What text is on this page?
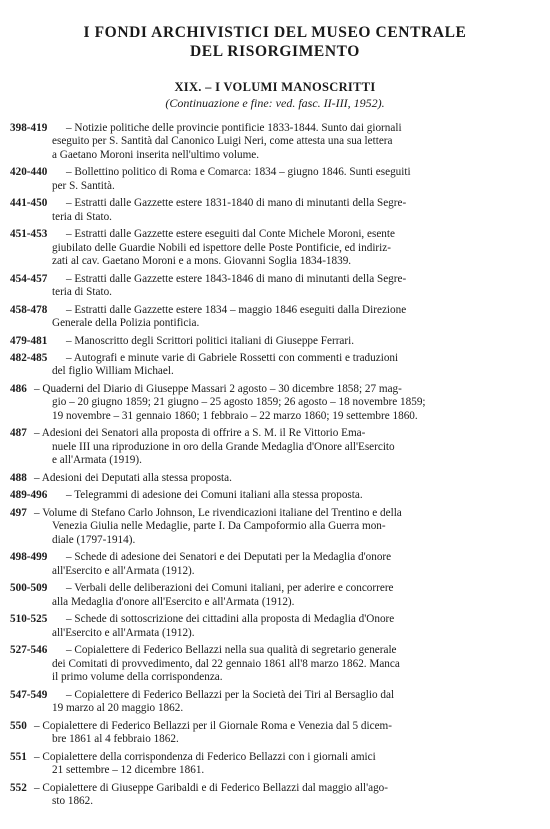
I FONDI ARCHIVISTICI DEL MUSEO CENTRALE
DEL RISORGIMENTO
XIX. – I VOLUMI MANOSCRITTI
(Continuazione e fine: ved. fasc. II-III, 1952).
398-419	– Notizie politiche delle provincie pontificie 1833-1844. Sunto dai giornali
eseguito per S. Santità dal Canonico Luigi Neri, come attesta una sua lettera
a Gaetano Moroni inserita nell'ultimo volume.
420-440	– Bollettino politico di Roma e Comarca: 1834 – giugno 1846. Sunti eseguiti
per S. Santità.
441-450	– Estratti dalle Gazzette estere 1831-1840 di mano di minutanti della Segre-
teria di Stato.
451-453	– Estratti dalle Gazzette estere eseguiti dal Conte Michele Moroni, esente
giubilato delle Guardie Nobili ed ispettore delle Poste Pontificie, ed indiriz-
zati al cav. Gaetano Moroni e a mons. Giovanni Soglia 1834-1839.
454-457	– Estratti dalle Gazzette estere 1843-1846 di mano di minutanti della Segre-
teria di Stato.
458-478	– Estratti dalle Gazzette estere 1834 – maggio 1846 eseguiti dalla Direzione
Generale della Polizia pontificia.
479-481	– Manoscritto degli Scrittori politici italiani di Giuseppe Ferrari.
482-485	– Autografi e minute varie di Gabriele Rossetti con commenti e traduzioni
del figlio William Michael.
486 – Quaderni del Diario di Giuseppe Massari 2 agosto – 30 dicembre 1858; 27 mag-
gio – 20 giugno 1859; 21 giugno – 25 agosto 1859; 26 agosto – 18 novembre 1859;
19 novembre – 31 gennaio 1860; 1 febbraio – 22 marzo 1860; 19 settembre 1860.
487 – Adesioni dei Senatori alla proposta di offrire a S. M. il Re Vittorio Ema-
nuele III una riproduzione in oro della Grande Medaglia d'Onore all'Esercito
e all'Armata (1919).
488 – Adesioni dei Deputati alla stessa proposta.
489-496	– Telegrammi di adesione dei Comuni italiani alla stessa proposta.
497 – Volume di Stefano Carlo Johnson, Le rivendicazioni italiane del Trentino e della
Venezia Giulia nelle Medaglie, parte I. Da Campoformio alla Guerra mon-
diale (1797-1914).
498-499	– Schede di adesione dei Senatori e dei Deputati per la Medaglia d'onore
all'Esercito e all'Armata (1912).
500-509	– Verbali delle deliberazioni dei Comuni italiani, per aderire e concorrere
alla Medaglia d'onore all'Esercito e all'Armata (1912).
510-525	– Schede di sottoscrizione dei cittadini alla proposta di Medaglia d'Onore
all'Esercito e all'Armata (1912).
527-546	– Copialettere di Federico Bellazzi nella sua qualità di segretario generale
dei Comitati di provvedimento, dal 22 gennaio 1861 all'8 marzo 1862. Manca
il primo volume della corrispondenza.
547-549	– Copialettere di Federico Bellazzi per la Società dei Tiri al Bersaglio dal
19 marzo al 20 maggio 1862.
550 – Copialettere di Federico Bellazzi per il Giornale Roma e Venezia dal 5 dicem-
bre 1861 al 4 febbraio 1862.
551 – Copialettere della corrispondenza di Federico Bellazzi con i giornali amici
21 settembre – 12 dicembre 1861.
552 – Copialettere di Giuseppe Garibaldi e di Federico Bellazzi dal maggio all'ago-
sto 1862.
